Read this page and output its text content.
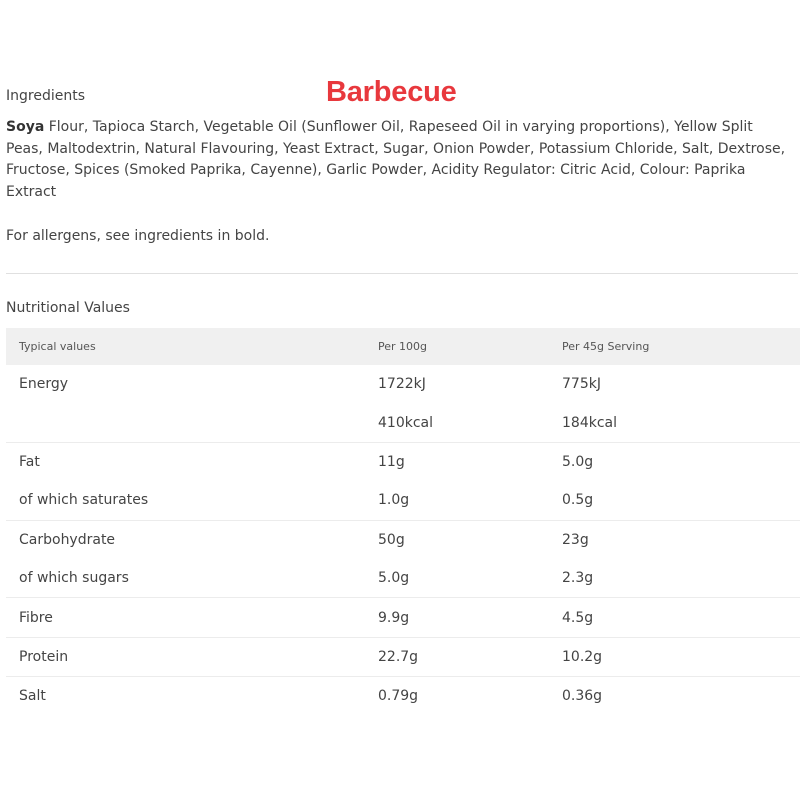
Ingredients	Barbecue

Soya Flour, Tapioca Starch, Vegetable Oil (Sunflower Oil, Rapeseed Oil in varying proportions), Yellow Split Peas, Maltodextrin, Natural Flavouring, Yeast Extract, Sugar, Onion Powder, Potassium Chloride, Salt, Dextrose, Fructose, Spices (Smoked Paprika, Cayenne), Garlic Powder, Acidity Regulator: Citric Acid, Colour: Paprika Extract

For allergens, see ingredients in bold.

Nutritional Values
Typical values	Per 100g	Per 45g Serving
Energy	1722kJ	775kJ
	410kcal	184kcal
Fat	11g	5.0g
of which saturates	1.0g	0.5g
Carbohydrate	50g	23g
of which sugars	5.0g	2.3g
Fibre	9.9g	4.5g
Protein	22.7g	10.2g
Salt	0.79g	0.36g
